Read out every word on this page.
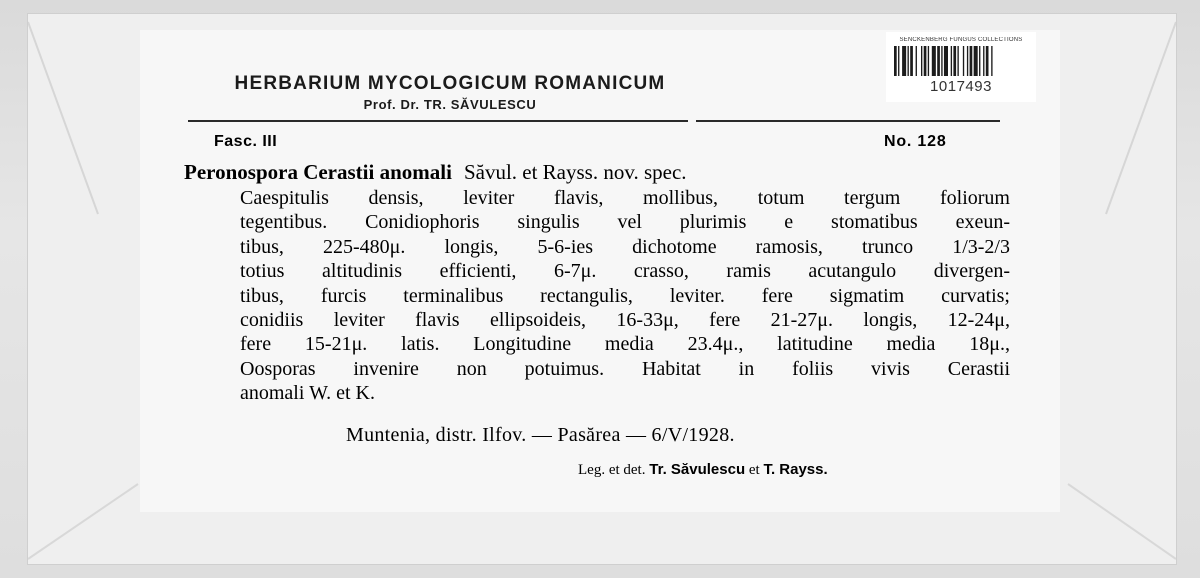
SENCKENBERG FUNGUS COLLECTIONS
1017493
HERBARIUM MYCOLOGICUM ROMANICUM
Prof. Dr. TR. SĂVULESCU
Fasc. III	No. 128
Peronospora Cerastii anomali Săvul. et Rayss. nov. spec.
Caespitulis densis, leviter flavis, mollibus, totum tergum foliorum
tegentibus. Conidiophoris singulis vel plurimis e stomatibus exeun-
tibus, 225-480μ. longis, 5-6-ies dichotome ramosis, trunco 1/3-2/3
totius altitudinis efficienti, 6-7μ. crasso, ramis acutangulo divergen-
tibus, furcis terminalibus rectangulis, leviter. fere sigmatim curvatis;
conidiis leviter flavis ellipsoideis, 16-33μ, fere 21-27μ. longis, 12-24μ,
fere 15-21μ. latis. Longitudine media 23.4μ., latitudine media 18μ.,
Oosporas invenire non potuimus. Habitat in foliis vivis Cerastii
anomali W. et K.
Muntenia, distr. Ilfov. — Pasărea — 6/V/1928.
Leg. et det. Tr. Săvulescu et T. Rayss.
